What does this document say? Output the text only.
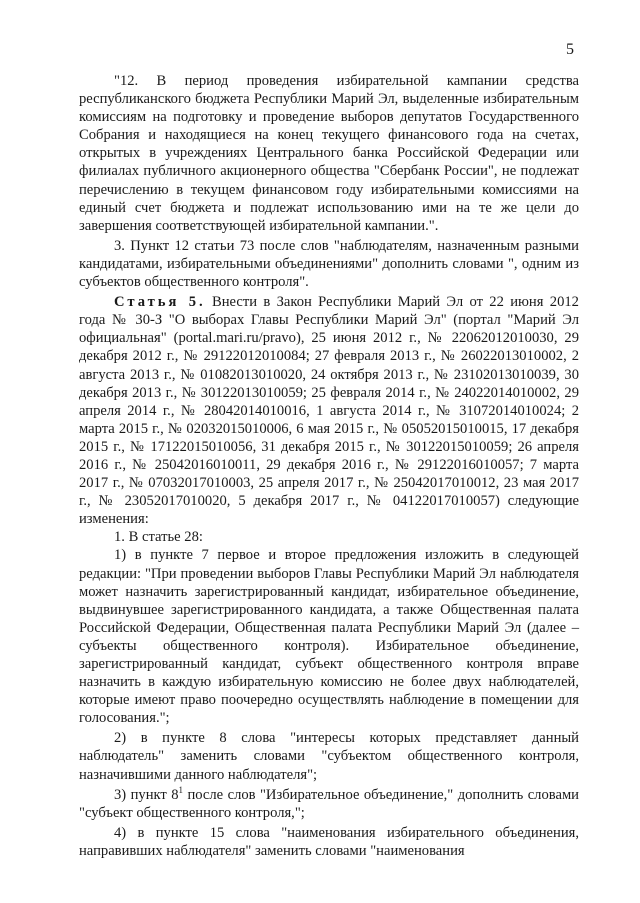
5

"12. В период проведения избирательной кампании средства республиканского бюджета Республики Марий Эл, выделенные избирательным комиссиям на подготовку и проведение выборов депутатов Государственного Собрания и находящиеся на конец текущего финансового года на счетах, открытых в учреждениях Центрального банка Российской Федерации или филиалах публичного акционерного общества "Сбербанк России", не подлежат перечислению в текущем финансовом году избирательными комиссиями на единый счет бюджета и подлежат использованию ими на те же цели до завершения соответствующей избирательной кампании.".

3. Пункт 12 статьи 73 после слов "наблюдателям, назначенным разными кандидатами, избирательными объединениями" дополнить словами ", одним из субъектов общественного контроля".

Статья 5. Внести в Закон Республики Марий Эл от 22 июня 2012 года № 30-З "О выборах Главы Республики Марий Эл" (портал "Марий Эл официальная" (portal.mari.ru/pravo), 25 июня 2012 г., № 22062012010030, 29 декабря 2012 г., № 29122012010084; 27 февраля 2013 г., № 26022013010002, 2 августа 2013 г., № 01082013010020, 24 октября 2013 г., № 23102013010039, 30 декабря 2013 г., № 30122013010059; 25 февраля 2014 г., № 24022014010002, 29 апреля 2014 г., № 28042014010016, 1 августа 2014 г., № 31072014010024; 2 марта 2015 г., № 02032015010006, 6 мая 2015 г., № 05052015010015, 17 декабря 2015 г., № 17122015010056, 31 декабря 2015 г., № 30122015010059; 26 апреля 2016 г., № 25042016010011, 29 декабря 2016 г., № 29122016010057; 7 марта 2017 г., № 07032017010003, 25 апреля 2017 г., № 25042017010012, 23 мая 2017 г., № 23052017010020, 5 декабря 2017 г., № 04122017010057) следующие изменения:

1. В статье 28:

1) в пункте 7 первое и второе предложения изложить в следующей редакции: "При проведении выборов Главы Республики Марий Эл наблюдателя может назначить зарегистрированный кандидат, избирательное объединение, выдвинувшее зарегистрированного кандидата, а также Общественная палата Российской Федерации, Общественная палата Республики Марий Эл (далее – субъекты общественного контроля). Избирательное объединение, зарегистрированный кандидат, субъект общественного контроля вправе назначить в каждую избирательную комиссию не более двух наблюдателей, которые имеют право поочередно осуществлять наблюдение в помещении для голосования.";

2) в пункте 8 слова "интересы которых представляет данный наблюдатель" заменить словами "субъектом общественного контроля, назначившими данного наблюдателя";

3) пункт $8^1$ после слов "Избирательное объединение," дополнить словами "субъект общественного контроля,";

4) в пункте 15 слова "наименования избирательного объединения, направивших наблюдателя" заменить словами "наименования
